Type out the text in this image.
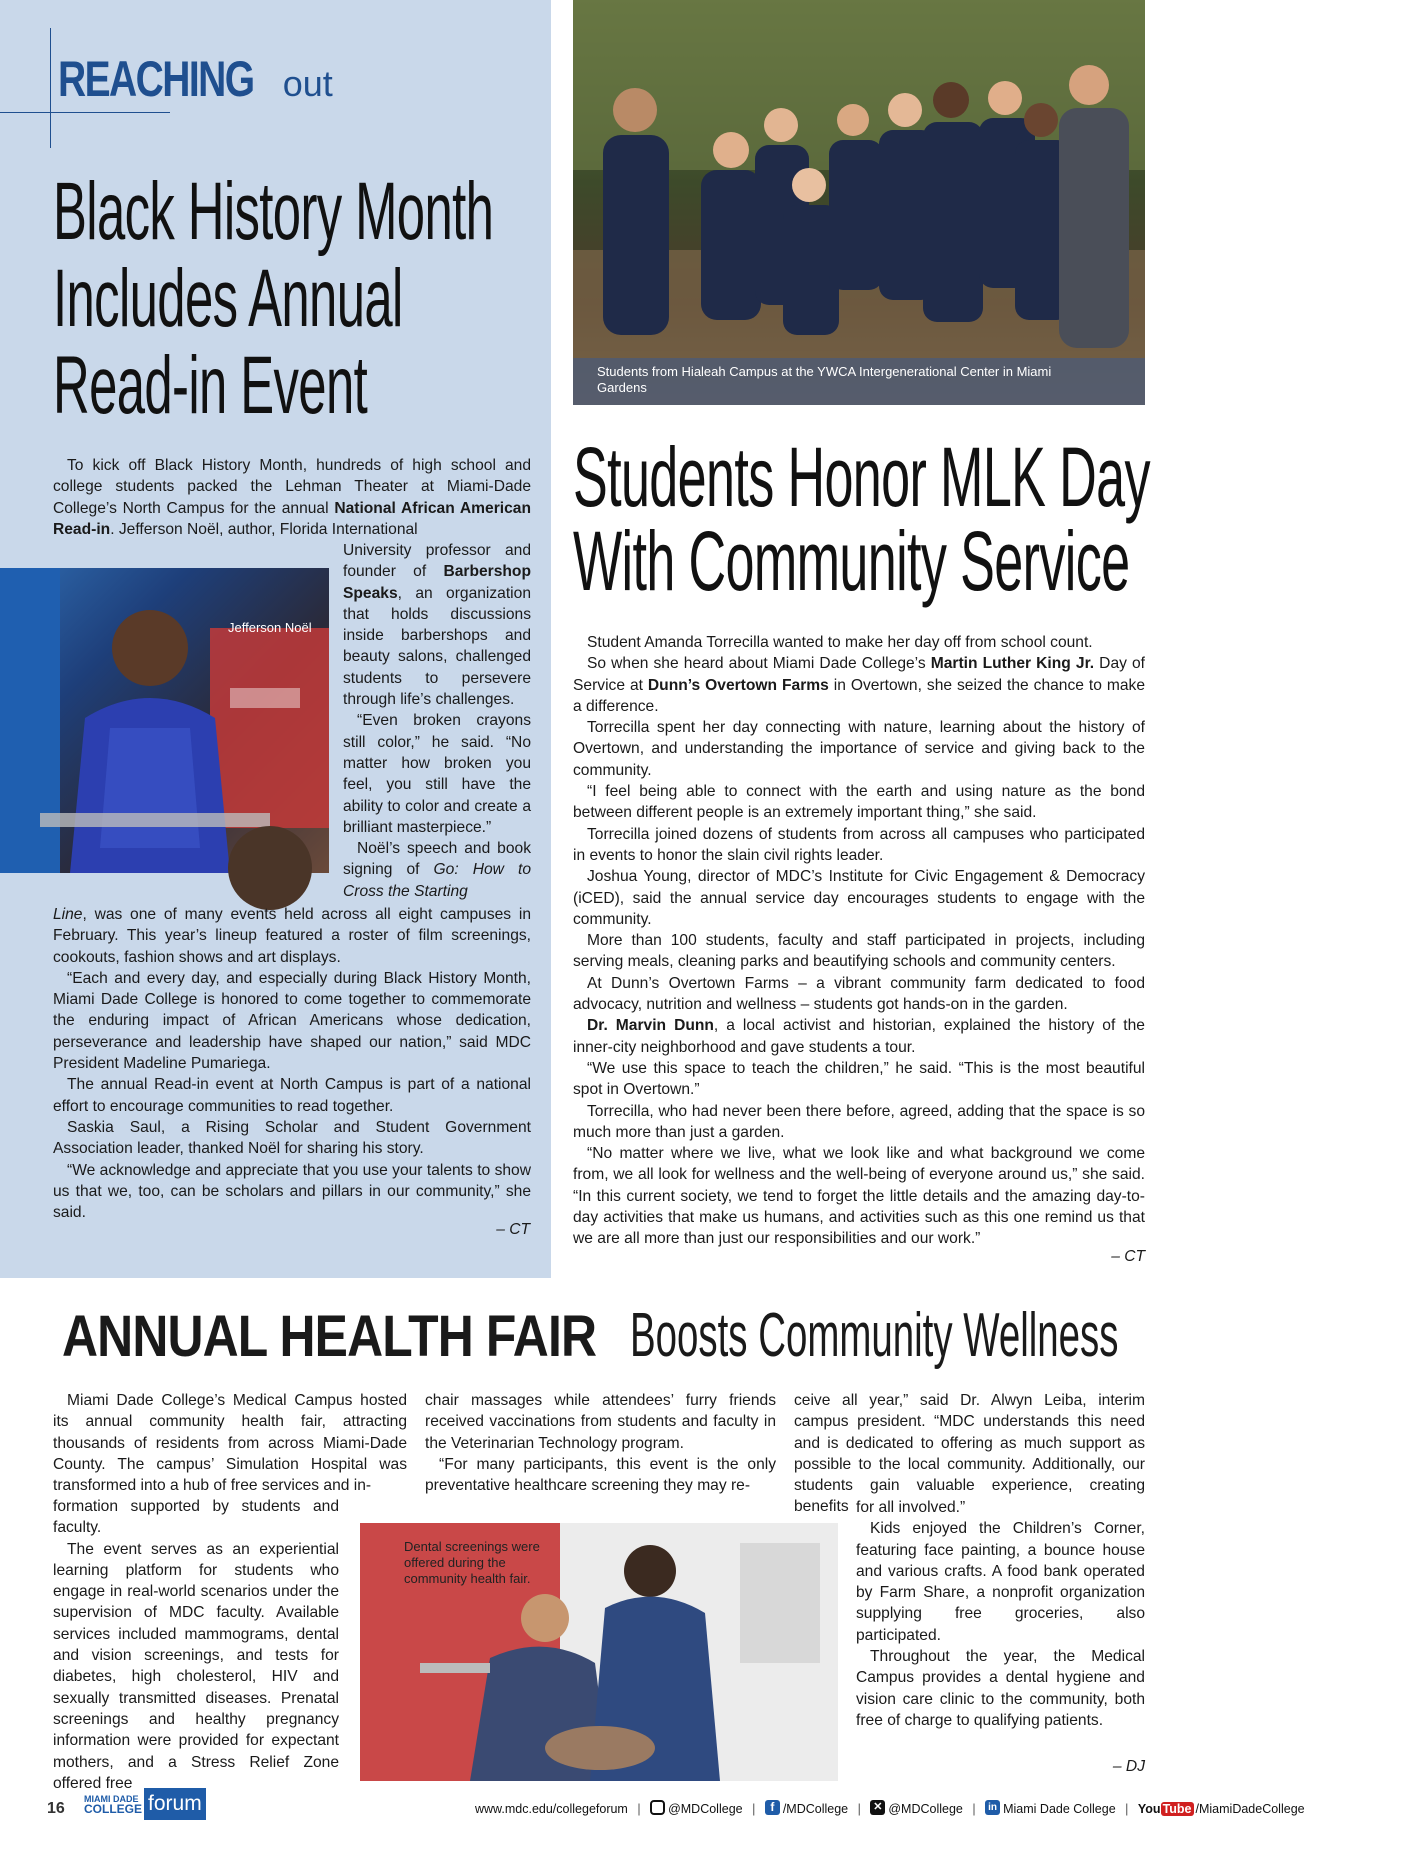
REACHING out
Black History Month
Includes Annual
Read-in Event

To kick off Black History Month, hundreds of high school and college students packed the Lehman Theater at Miami-Dade College’s North Campus for the annual National African American Read-in. Jefferson Noël, author, Florida International

Jefferson Noël

University professor and founder of Barbershop Speaks, an organization that holds discussions inside barbershops and beauty salons, challenged students to persevere through life’s challenges.

“Even broken crayons still color,” he said. “No matter how broken you feel, you still have the ability to color and create a brilliant masterpiece.”

Noël’s speech and book signing of Go: How to Cross the Starting

Line, was one of many events held across all eight campuses in February. This year’s lineup featured a roster of film screenings, cookouts, fashion shows and art displays.

“Each and every day, and especially during Black History Month, Miami Dade College is honored to come together to commemorate the enduring impact of African Americans whose dedication, perseverance and leadership have shaped our nation,” said MDC President Madeline Pumariega.

The annual Read-in event at North Campus is part of a national effort to encourage communities to read together.

Saskia Saul, a Rising Scholar and Student Government Association leader, thanked Noël for sharing his story.

“We acknowledge and appreciate that you use your talents to show us that we, too, can be scholars and pillars in our community,” she said.

– CT
Students from Hialeah Campus at the YWCA Intergenerational Center in Miami Gardens
Students Honor MLK Day
With Community Service

Student Amanda Torrecilla wanted to make her day off from school count.

So when she heard about Miami Dade College’s Martin Luther King Jr. Day of Service at Dunn’s Overtown Farms in Overtown, she seized the chance to make a difference.

Torrecilla spent her day connecting with nature, learning about the history of Overtown, and understanding the importance of service and giving back to the community.

“I feel being able to connect with the earth and using nature as the bond between different people is an extremely important thing,” she said.

Torrecilla joined dozens of students from across all campuses who participated in events to honor the slain civil rights leader.

Joshua Young, director of MDC’s Institute for Civic Engagement & Democracy (iCED), said the annual service day encourages students to engage with the community.

More than 100 students, faculty and staff participated in projects, including serving meals, cleaning parks and beautifying schools and community centers.

At Dunn’s Overtown Farms – a vibrant community farm dedicated to food advocacy, nutrition and wellness – students got hands-on in the garden.

Dr. Marvin Dunn, a local activist and historian, explained the history of the inner-city neighborhood and gave students a tour.

“We use this space to teach the children,” he said. “This is the most beautiful spot in Overtown.”

Torrecilla, who had never been there before, agreed, adding that the space is so much more than just a garden.

“No matter where we live, what we look like and what background we come from, we all look for wellness and the well-being of everyone around us,” she said. “In this current society, we tend to forget the little details and the amazing day-to-day activities that make us humans, and activities such as this one remind us that we are all more than just our responsibilities and our work.”

– CT
ANNUAL HEALTH FAIR Boosts Community Wellness

Miami Dade College’s Medical Campus hosted its annual community health fair, attracting thousands of residents from across Miami-Dade County. The campus’ Simulation Hospital was transformed into a hub of free services and in-

formation supported by students and faculty.

The event serves as an experiential learning platform for students who engage in real-world scenarios under the supervision of MDC faculty. Available services included mammograms, dental and vision screenings, and tests for diabetes, high cholesterol, HIV and sexually transmitted diseases. Prenatal screenings and healthy pregnancy information were provided for expectant mothers, and a Stress Relief Zone offered free

chair massages while attendees’ furry friends received vaccinations from students and faculty in the Veterinarian Technology program.

“For many participants, this event is the only preventative healthcare screening they may re-

ceive all year,” said Dr. Alwyn Leiba, interim campus president. “MDC understands this need and is dedicated to offering as much support as possible to the local community. Additionally, our students gain valuable experience, creating benefits for all involved.”

Kids enjoyed the Children’s Corner, featuring face painting, a bounce house and various crafts. A food bank operated by Farm Share, a nonprofit organization supplying free groceries, also participated.

Throughout the year, the Medical Campus provides a dental hygiene and vision care clinic to the community, both free of charge to qualifying patients.

Dental screenings were offered during the community health fair.
– DJ
16
MIAMI DADE
COLLEGE forum	www.mdc.edu/collegeforum | @MDCollege | f /MDCollege | ✕ @MDCollege | in Miami Dade College | You Tube /MiamiDadeCollege
